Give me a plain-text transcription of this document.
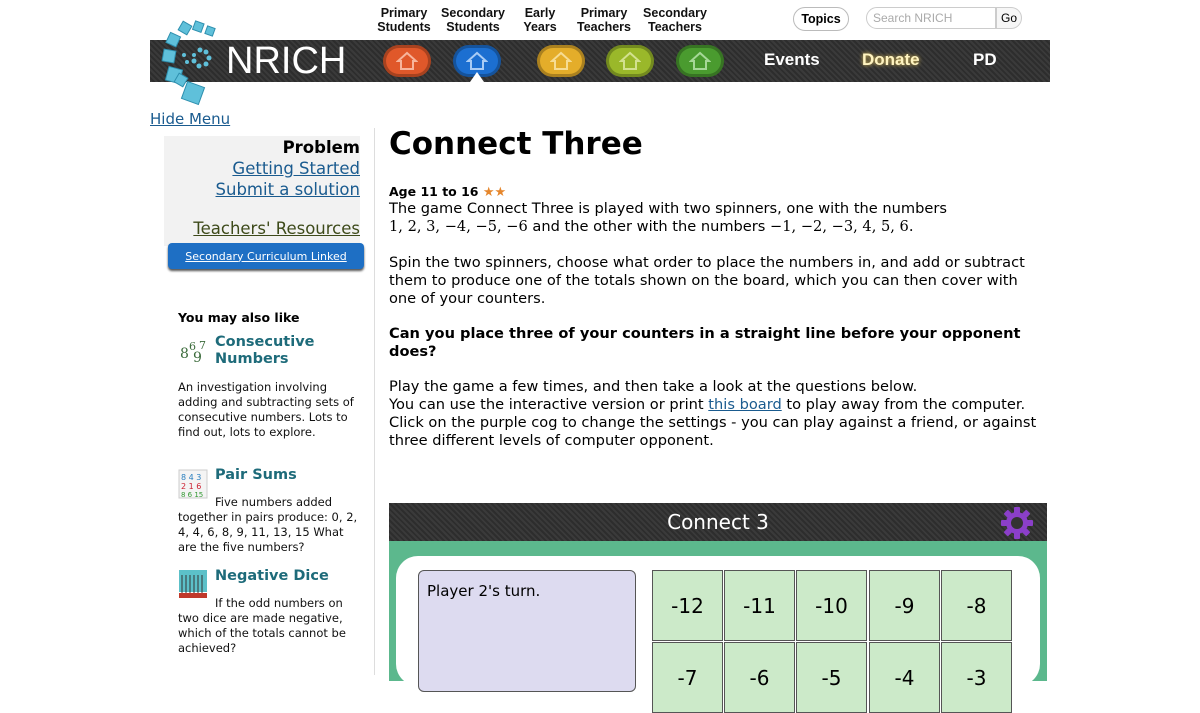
Primary
Students
Secondary
Students
Early
Years
Primary
Teachers
Secondary
Teachers
Topics	Search NRICH	Go
NRICH	Events Donate	PD
Hide Menu
Problem
Getting Started
Submit a solution
Teachers' Resources
Secondary Curriculum Linked
You may also like
8 6
9
7 Consecutive Numbers
An investigation involving adding and subtracting sets of consecutive numbers. Lots to find out, lots to explore.
8 4 3
2 1 6
8 6 15
Pair Sums
Five numbers added together in pairs produce: 0, 2, 4, 4, 6, 8, 9, 11, 13, 15 What are the five numbers?
Negative Dice
If the odd numbers on two dice are made negative, which of the totals cannot be achieved?
Connect Three
Age 11 to 16 ★★
The game Connect Three is played with two spinners, one with the numbers
1, 2, 3, −4, −5, −6 and the other with the numbers −1, −2, −3, 4, 5, 6.
Spin the two spinners, choose what order to place the numbers in, and add or subtract them to produce one of the totals shown on the board, which you can then cover with one of your counters.
Can you place three of your counters in a straight line before your opponent does?
Play the game a few times, and then take a look at the questions below.
You can use the interactive version or print this board to play away from the computer.
Click on the purple cog to change the settings - you can play against a friend, or against three different levels of computer opponent.
Connect 3
Player 2's turn.
-12 -11 -10 -9	-8
-7	-6	-5	-4	-3
